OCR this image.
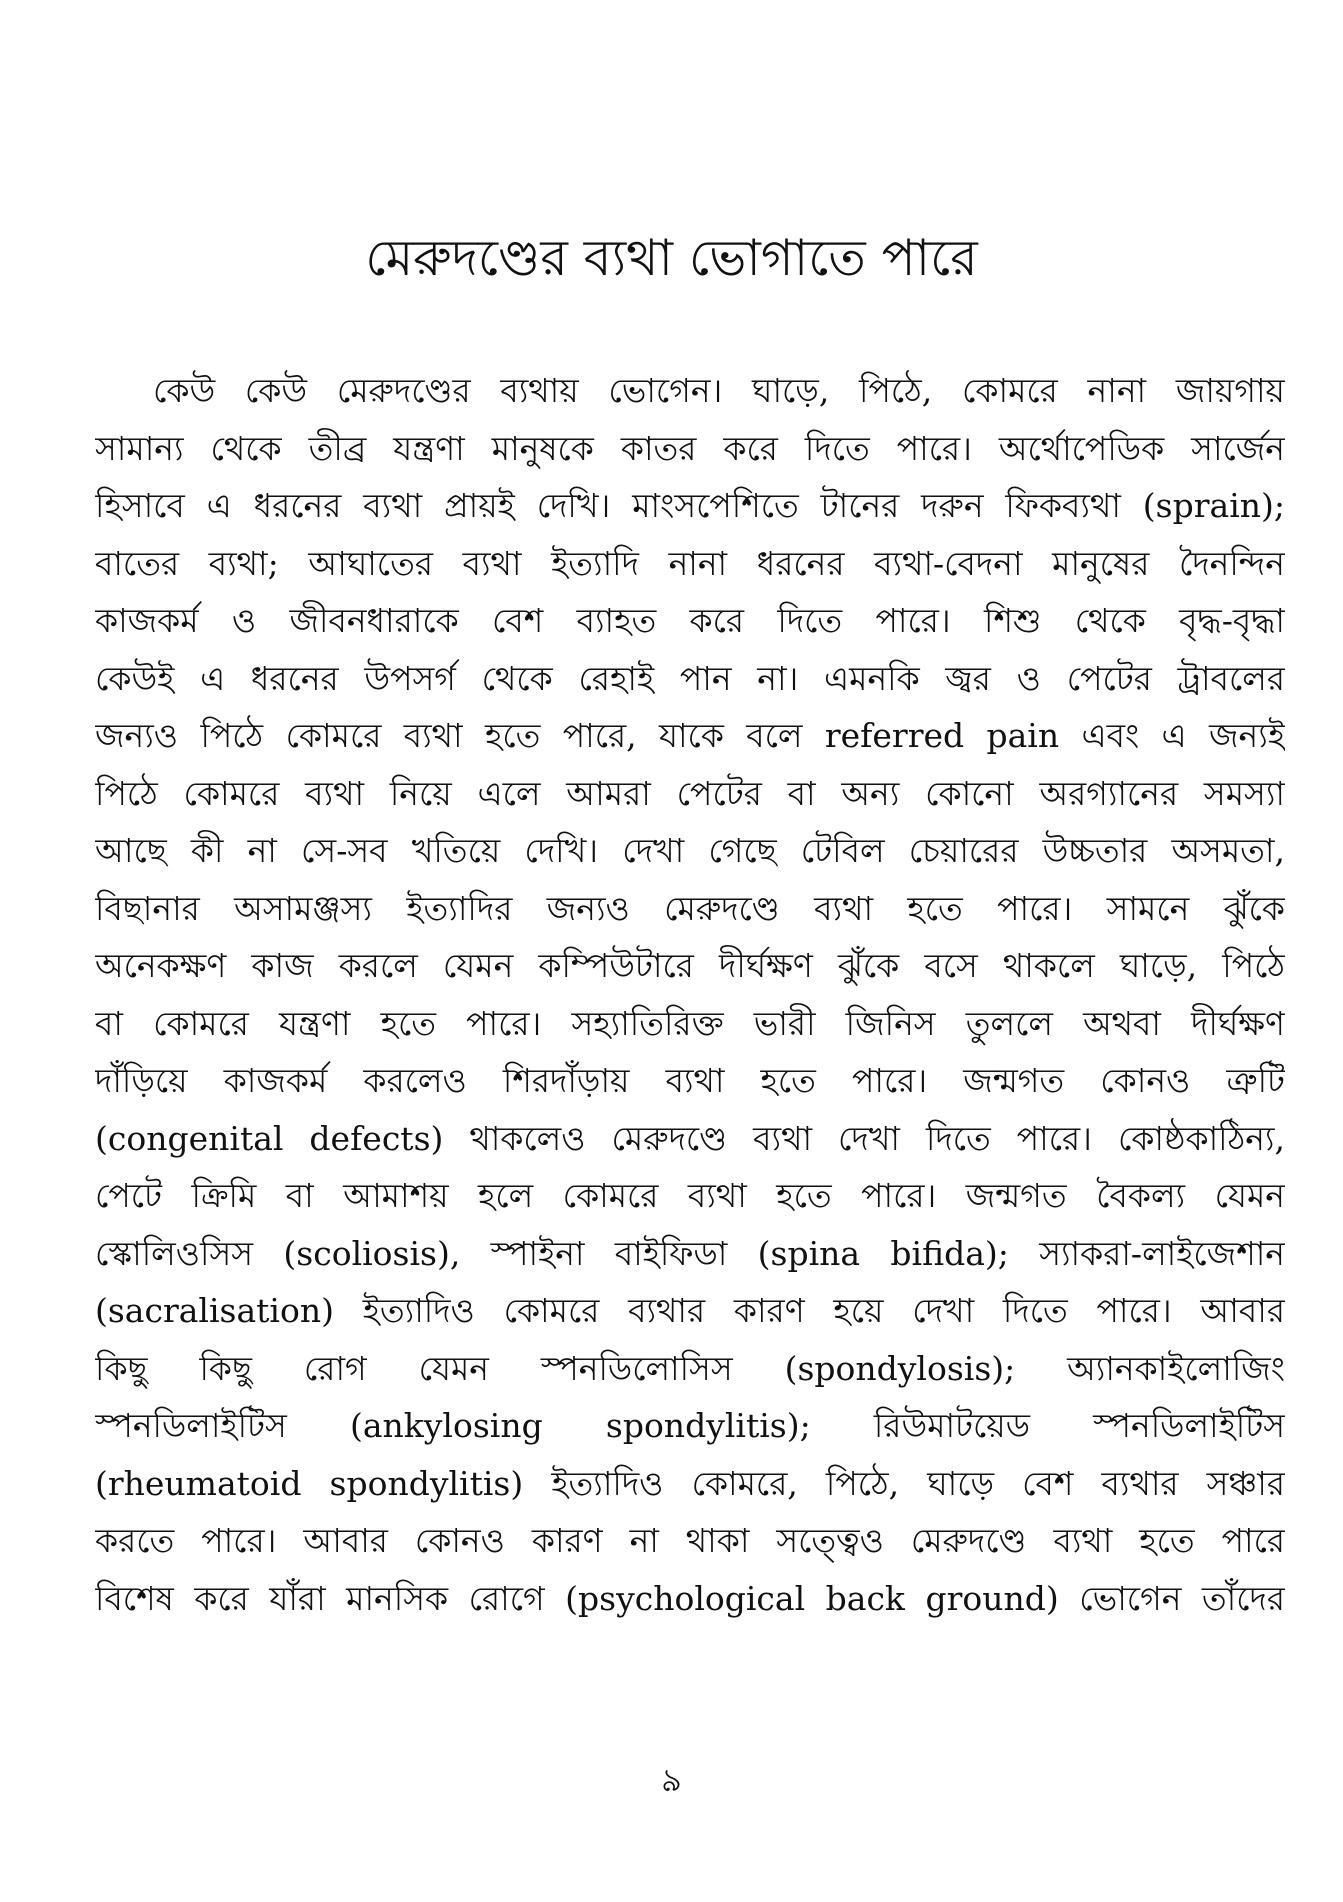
মেরুদণ্ডের ব্যথা ভোগাতে পারে
কেউ কেউ মেরুদণ্ডের ব্যথায় ভোগেন। ঘাড়ে, পিঠে, কোমরে নানা জায়গায়
সামান্য থেকে তীব্র যন্ত্রণা মানুষকে কাতর করে দিতে পারে। অর্থোপেডিক সার্জেন
হিসাবে এ ধরনের ব্যথা প্রায়ই দেখি। মাংসপেশিতে টানের দরুন ফিকব্যথা (sprain);
বাতের ব্যথা; আঘাতের ব্যথা ইত্যাদি নানা ধরনের ব্যথা-বেদনা মানুষের দৈনন্দিন
কাজকর্ম ও জীবনধারাকে বেশ ব্যাহত করে দিতে পারে। শিশু থেকে বৃদ্ধ-বৃদ্ধা
কেউই এ ধরনের উপসর্গ থেকে রেহাই পান না। এমনকি জ্বর ও পেটের ট্রাবলের
জন্যও পিঠে কোমরে ব্যথা হতে পারে, যাকে বলে referred pain এবং এ জন্যই
পিঠে কোমরে ব্যথা নিয়ে এলে আমরা পেটের বা অন্য কোনো অরগ্যানের সমস্যা
আছে কী না সে-সব খতিয়ে দেখি। দেখা গেছে টেবিল চেয়ারের উচ্চতার অসমতা,
বিছানার অসামঞ্জস্য ইত্যাদির জন্যও মেরুদণ্ডে ব্যথা হতে পারে। সামনে ঝুঁকে
অনেকক্ষণ কাজ করলে যেমন কম্পিউটারে দীর্ঘক্ষণ ঝুঁকে বসে থাকলে ঘাড়ে, পিঠে
বা কোমরে যন্ত্রণা হতে পারে। সহ্যাতিরিক্ত ভারী জিনিস তুললে অথবা দীর্ঘক্ষণ
দাঁড়িয়ে কাজকর্ম করলেও শিরদাঁড়ায় ব্যথা হতে পারে। জন্মগত কোনও ত্রুটি
(congenital defects) থাকলেও মেরুদণ্ডে ব্যথা দেখা দিতে পারে। কোষ্ঠকাঠিন্য,
পেটে ক্রিমি বা আমাশয় হলে কোমরে ব্যথা হতে পারে। জন্মগত বৈকল্য যেমন
স্কোলিওসিস (scoliosis), স্পাইনা বাইফিডা (spina bifida); স্যাকরা-লাইজেশান
(sacralisation) ইত্যাদিও কোমরে ব্যথার কারণ হয়ে দেখা দিতে পারে। আবার
কিছু কিছু রোগ যেমন স্পনডিলোসিস (spondylosis); অ্যানকাইলোজিং
স্পনডিলাইটিস (ankylosing spondylitis); রিউমাটয়েড স্পনডিলাইটিস
(rheumatoid spondylitis) ইত্যাদিও কোমরে, পিঠে, ঘাড়ে বেশ ব্যথার সঞ্চার
করতে পারে। আবার কোনও কারণ না থাকা সত্ত্বেও মেরুদণ্ডে ব্যথা হতে পারে
বিশেষ করে যাঁরা মানসিক রোগে (psychological back ground) ভোগেন তাঁদের
৯
